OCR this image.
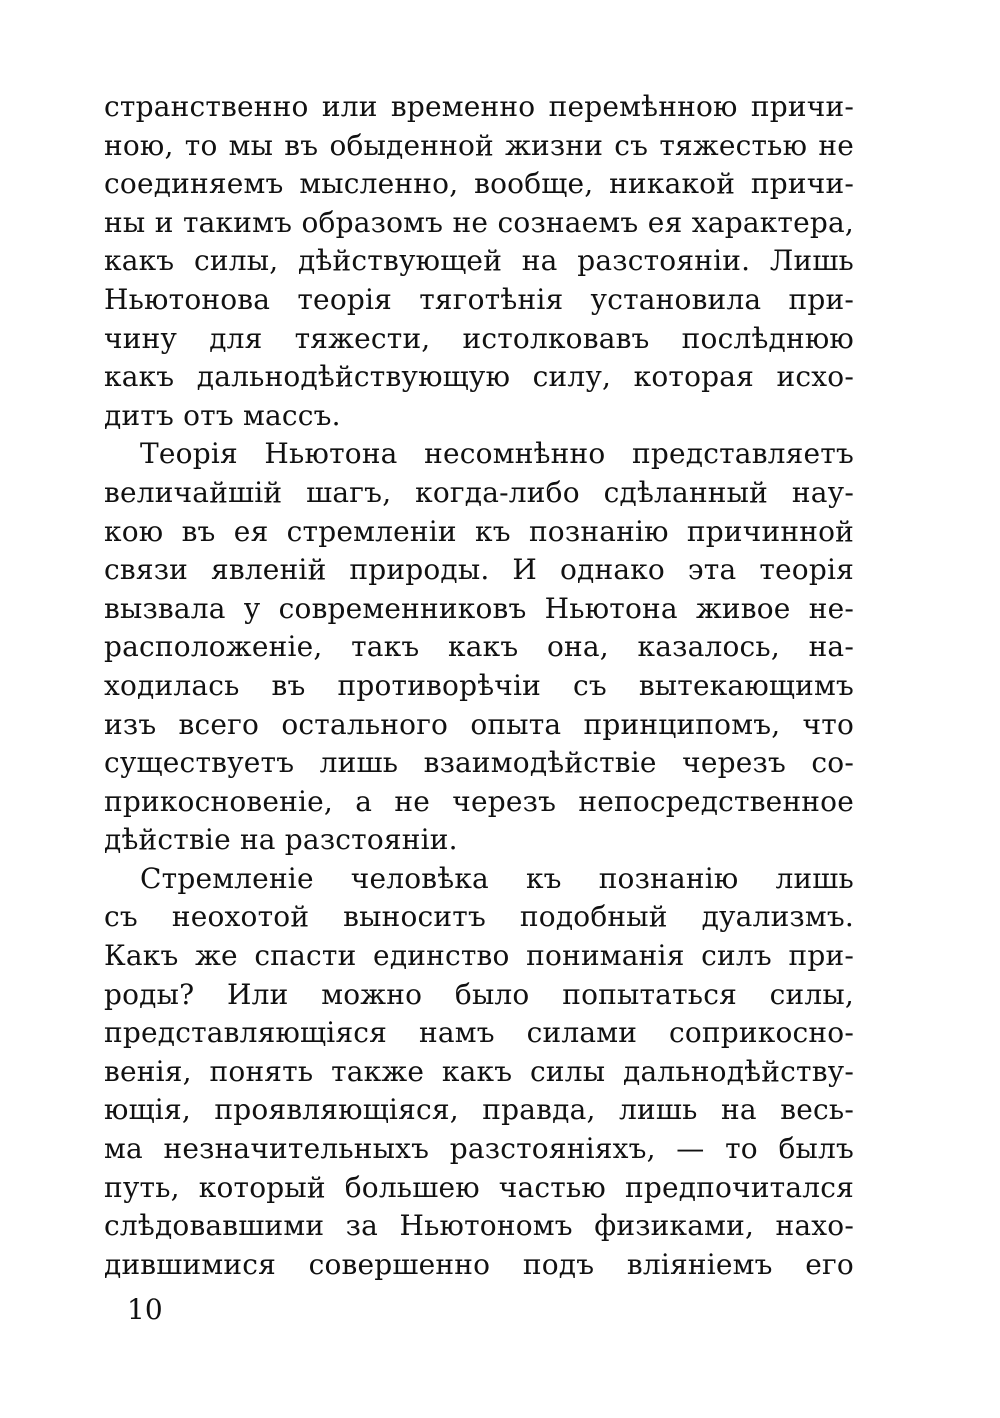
странственно или временно перемѣнною причи-
ною, то мы въ обыденной жизни съ тяжестью не
соединяемъ мысленно, вообще, никакой причи-
ны и такимъ образомъ не сознаемъ ея характера,
какъ силы, дѣйствующей на разстояніи. Лишь
Ньютонова теорія тяготѣнія установила при-
чину для тяжести, истолковавъ послѣднюю
какъ дальнодѣйствующую силу, которая исхо-
дитъ отъ массъ.
Теорія Ньютона несомнѣнно представляетъ
величайшій шагъ, когда-либо сдѣланный нау-
кою въ ея стремленіи къ познанію причинной
связи явленій природы. И однако эта теорія
вызвала у современниковъ Ньютона живое не-
расположеніе, такъ какъ она, казалось, на-
ходилась въ противорѣчіи съ вытекающимъ
изъ всего остального опыта принципомъ, что
существуетъ лишь взаимодѣйствіе черезъ со-
прикосновеніе, а не черезъ непосредственное
дѣйствіе на разстояніи.
Стремленіе человѣка къ познанію лишь
съ неохотой выноситъ подобный дуализмъ.
Какъ же спасти единство пониманія силъ при-
роды? Или можно было попытаться силы,
представляющіяся намъ силами соприкосно-
венія, понять также какъ силы дальнодѣйству-
ющія, проявляющіяся, правда, лишь на весь-
ма незначительныхъ разстояніяхъ, — то былъ
путь, который большею частью предпочитался
слѣдовавшими за Ньютономъ физиками, нахо-
дившимися совершенно подъ вліяніемъ его
10
